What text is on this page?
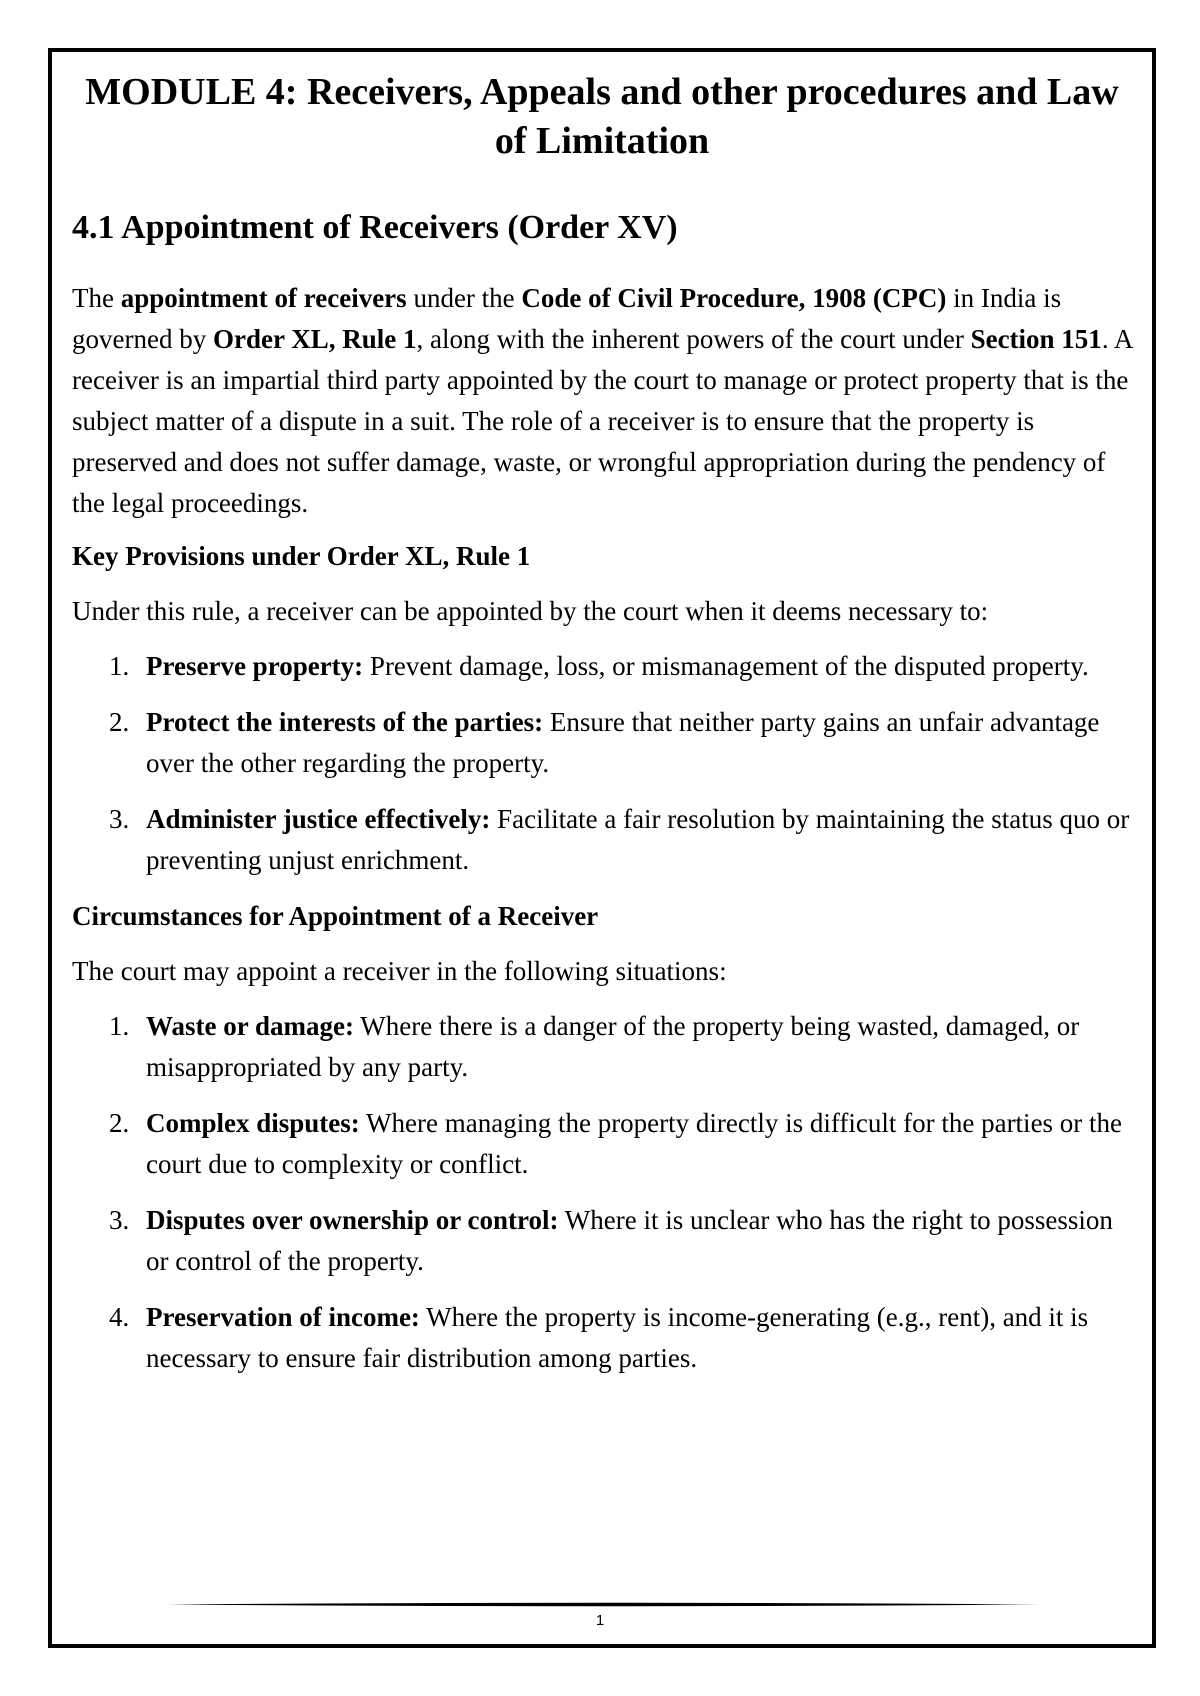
MODULE 4: Receivers, Appeals and other procedures and Law of Limitation
4.1 Appointment of Receivers (Order XV)

The appointment of receivers under the Code of Civil Procedure, 1908 (CPC) in India is governed by Order XL, Rule 1, along with the inherent powers of the court under Section 151. A receiver is an impartial third party appointed by the court to manage or protect property that is the subject matter of a dispute in a suit. The role of a receiver is to ensure that the property is preserved and does not suffer damage, waste, or wrongful appropriation during the pendency of the legal proceedings.

Key Provisions under Order XL, Rule 1

Under this rule, a receiver can be appointed by the court when it deems necessary to:

1. Preserve property: Prevent damage, loss, or mismanagement of the disputed property.
2. Protect the interests of the parties: Ensure that neither party gains an unfair advantage over the other regarding the property.
3. Administer justice effectively: Facilitate a fair resolution by maintaining the status quo or preventing unjust enrichment.
Circumstances for Appointment of a Receiver

The court may appoint a receiver in the following situations:

1. Waste or damage: Where there is a danger of the property being wasted, damaged, or misappropriated by any party.
2. Complex disputes: Where managing the property directly is difficult for the parties or the court due to complexity or conflict.
3. Disputes over ownership or control: Where it is unclear who has the right to possession or control of the property.
4. Preservation of income: Where the property is income-generating (e.g., rent), and it is necessary to ensure fair distribution among parties.
1
